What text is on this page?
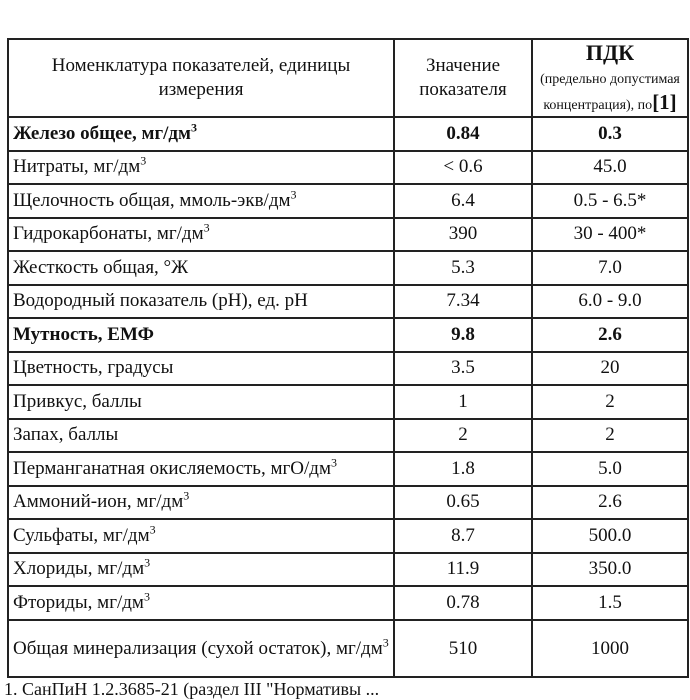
Номенклатура показателей, единицы измерения	Значение показателя	ПДК
(предельно допустимая концентрация), по[1]
Железо общее, $мг/дм^3$	0.84	0.3
Нитраты, $мг/дм^3$	< 0.6	45.0
Щелочность общая, ммоль-$экв/дм^3$	6.4	0.5 - 6.5*
Гидрокарбонаты, $мг/дм^3$	390	30 - 400*
Жесткость общая, °Ж	5.3	7.0
Водородный показатель (рН), ед. рН	7.34	6.0 - 9.0
Мутность, ЕМФ	9.8	2.6
Цветность, градусы	3.5	20
Привкус, баллы	1	2
Запах, баллы	2	2
Перманганатная окисляемость, мгО/$дм^3$	1.8	5.0
Аммоний-ион, $мг/дм^3$	0.65	2.6
Сульфаты, $мг/дм^3$	8.7	500.0
Хлориды, $мг/дм^3$	11.9	350.0
Фториды, $мг/дм^3$	0.78	1.5
Общая минерализация (сухой остаток), $мг/дм^3$	510	1000
1. СанПиН 1.2.3685-21 (раздел III "Нормативы ...
